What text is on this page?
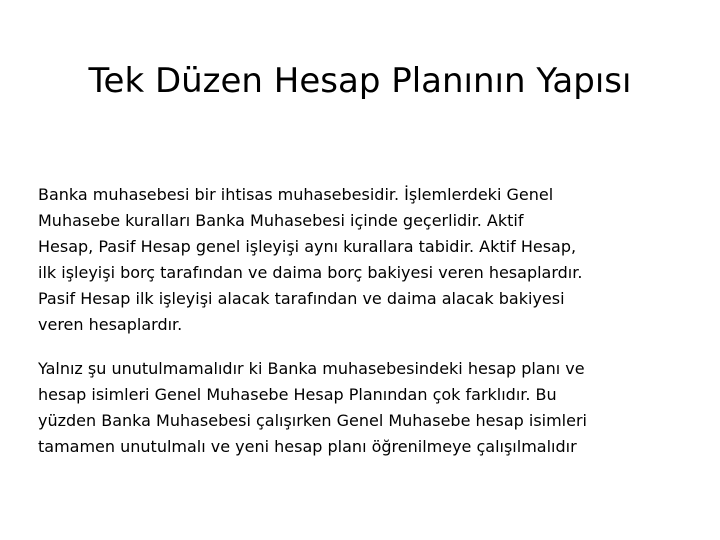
Tek Düzen Hesap Planının Yapısı

Banka muhasebesi bir ihtisas muhasebesidir. İşlemlerdeki Genel
Muhasebe kuralları Banka Muhasebesi içinde geçerlidir. Aktif
Hesap, Pasif Hesap genel işleyişi aynı kurallara tabidir. Aktif Hesap,
ilk işleyişi borç tarafından ve daima borç bakiyesi veren hesaplardır.
Pasif Hesap ilk işleyişi alacak tarafından ve daima alacak bakiyesi
veren hesaplardır.

Yalnız şu unutulmamalıdır ki Banka muhasebesindeki hesap planı ve
hesap isimleri Genel Muhasebe Hesap Planından çok farklıdır. Bu
yüzden Banka Muhasebesi çalışırken Genel Muhasebe hesap isimleri
tamamen unutulmalı ve yeni hesap planı öğrenilmeye çalışılmalıdır
